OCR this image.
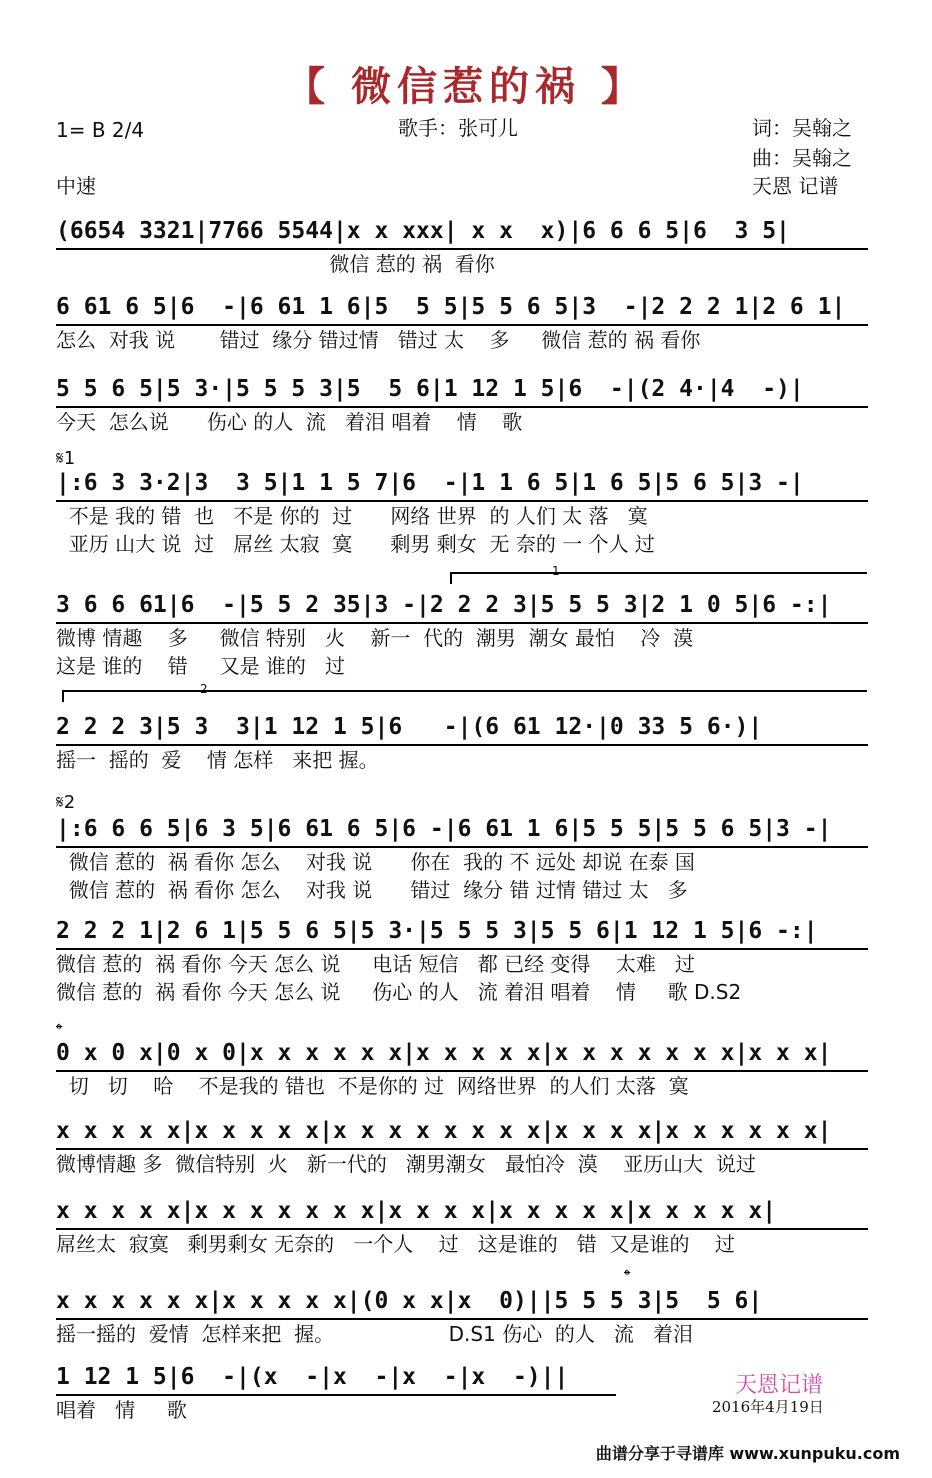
【 微信惹的祸 】
1= B 2/4
中速
歌手：张可儿	词：吴翰之
曲：吴翰之
天恩 记谱
𝄋1
𝄋2
𝄌
𝄌
1
2
(6654 3321|7766 5544|x x xxx| x x  x)|6 6 6 5|6  3 5|
微信 惹的 祸  看你
6 61 6 5|6  -|6 61 1 6|5  5 5|5 5 6 5|3  -|2 2 2 1|2 6 1|
怎么  对我 说       错过  缘分 错过情   错过 太    多     微信 惹的 祸 看你
5 5 6 5|5 3·|5 5 5 3|5  5 6|1 12 1 5|6  -|(2 4·|4  -)|
今天  怎么说      伤心 的人  流   着泪 唱着    情    歌
|:6 3 3·2|3  3 5|1 1 5 7|6  -|1 1 6 5|1 6 5|5 6 5|3 -|
不是 我的 错  也   不是 你的  过      网络 世界  的 人们 太 落   寞
亚历 山大 说  过   屌丝 太寂  寞      剩男 剩女  无 奈的 一 个人 过
3 6 6 61|6  -|5 5 2 35|3 -|2 2 2 3|5 5 5 3|2 1 0 5|6 -:|
微博 情趣    多     微信 特别   火    新一  代的  潮男  潮女 最怕    冷  漠
这是 谁的    错     又是 谁的   过
2 2 2 3|5 3  3|1 12 1 5|6   -|(6 61 12·|0 33 5 6·)|
摇一  摇的  爱    情 怎样   来把 握。
|:6 6 6 5|6 3 5|6 61 6 5|6 -|6 61 1 6|5 5 5|5 5 6 5|3 -|
微信 惹的  祸 看你 怎么    对我 说      你在  我的 不 远处 却说 在泰 国
微信 惹的  祸 看你 怎么    对我 说      错过  缘分 错 过情 错过 太   多
2 2 2 1|2 6 1|5 5 6 5|5 3·|5 5 5 3|5 5 6|1 12 1 5|6 -:|
微信 惹的  祸 看你 今天 怎么 说     电话 短信   都 已经 变得    太难   过
微信 惹的  祸 看你 今天 怎么 说     伤心 的人   流 着泪 唱着    情     歌 D.S2
0 x 0 x|0 x 0|x x x x x x|x x x x x|x x x x x x x|x x x|
切   切    哈    不是我的 错也  不是你的 过  网络世界  的人们 太落  寞
x x x x x|x x x x x|x x x x x x x x|x x x x|x x x x x x|
微博情趣 多  微信特别  火   新一代的   潮男潮女   最怕冷  漠    亚历山大  说过
x x x x x|x x x x x x x|x x x x|x x x x x|x x x x x|
屌丝太  寂寞   剩男剩女 无奈的   一个人    过   这是谁的   错  又是谁的    过
x x x x x x|x x x x x|(0 x x|x  0)||5 5 5 3|5  5 6|
摇一摇的  爱情  怎样来把  握。                  D.S1 伤心  的人   流   着泪
1 12 1 5|6  -|(x  -|x  -|x  -|x  -)||
唱着   情     歌
天恩记谱
2016年4月19日
曲谱分享于寻谱库 www.xunpuku.com
